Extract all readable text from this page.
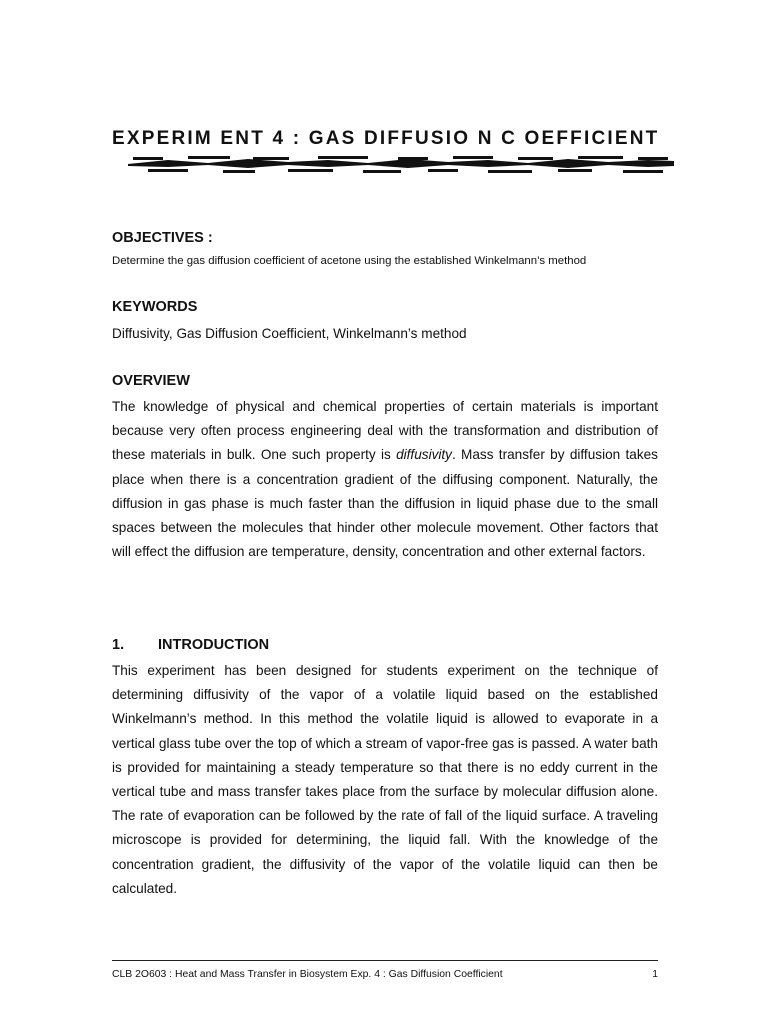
EXPERIM ENT 4 : GAS DIFFUSIO N C OEFFICIENT
OBJECTIVES :
Determine the gas diffusion coefficient of acetone using the established Winkelmann’s method
KEYWORDS
Diffusivity, Gas Diffusion Coefficient, Winkelmann’s method
OVERVIEW

The knowledge of physical and chemical properties of certain materials is important because very often process engineering deal with the transformation and distribution of these materials in bulk. One such property is diffusivity. Mass transfer by diffusion takes place when there is a concentration gradient of the diffusing component. Naturally, the diffusion in gas phase is much faster than the diffusion in liquid phase due to the small spaces between the molecules that hinder other molecule movement. Other factors that will effect the diffusion are temperature, density, concentration and other external factors.

1. INTRODUCTION

This experiment has been designed for students experiment on the technique of determining diffusivity of the vapor of a volatile liquid based on the established Winkelmann’s method. In this method the volatile liquid is allowed to evaporate in a vertical glass tube over the top of which a stream of vapor-free gas is passed. A water bath is provided for maintaining a steady temperature so that there is no eddy current in the vertical tube and mass transfer takes place from the surface by molecular diffusion alone. The rate of evaporation can be followed by the rate of fall of the liquid surface. A traveling microscope is provided for determining, the liquid fall. With the knowledge of the concentration gradient, the diffusivity of the vapor of the volatile liquid can then be calculated.

CLB 2O603 : Heat and Mass Transfer in Biosystem Exp. 4 : Gas Diffusion Coefficient	1
